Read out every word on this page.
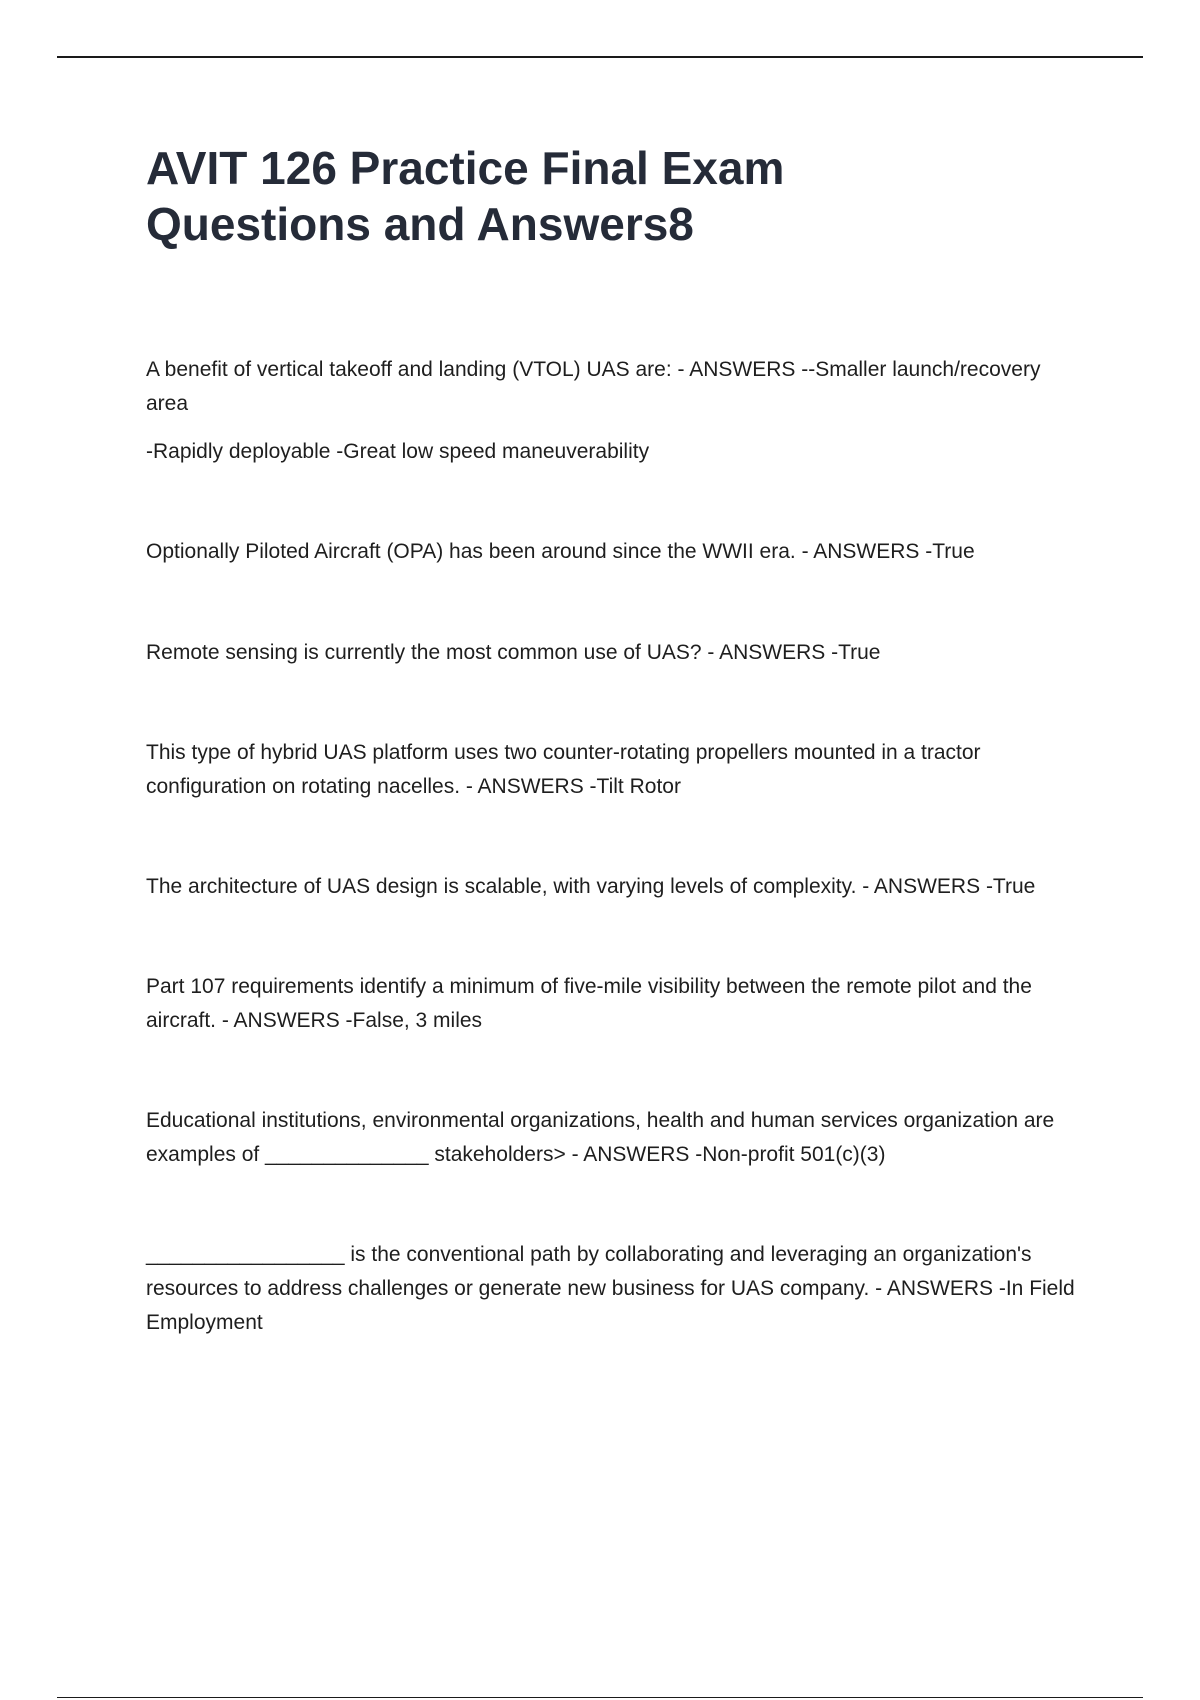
AVIT 126 Practice Final Exam
Questions and Answers8

A benefit of vertical takeoff and landing (VTOL) UAS are: - ANSWERS --Smaller launch/recovery area

-Rapidly deployable -Great low speed maneuverability

Optionally Piloted Aircraft (OPA) has been around since the WWII era. - ANSWERS -True

Remote sensing is currently the most common use of UAS? - ANSWERS -True

This type of hybrid UAS platform uses two counter-rotating propellers mounted in a tractor configuration on rotating nacelles. - ANSWERS -Tilt Rotor

The architecture of UAS design is scalable, with varying levels of complexity. - ANSWERS -True

Part 107 requirements identify a minimum of five-mile visibility between the remote pilot and the aircraft. - ANSWERS -False, 3 miles

Educational institutions, environmental organizations, health and human services organization are examples of ______________ stakeholders> - ANSWERS -Non-profit 501(c)(3)

_________________ is the conventional path by collaborating and leveraging an organization's resources to address challenges or generate new business for UAS company. - ANSWERS -In Field Employment
